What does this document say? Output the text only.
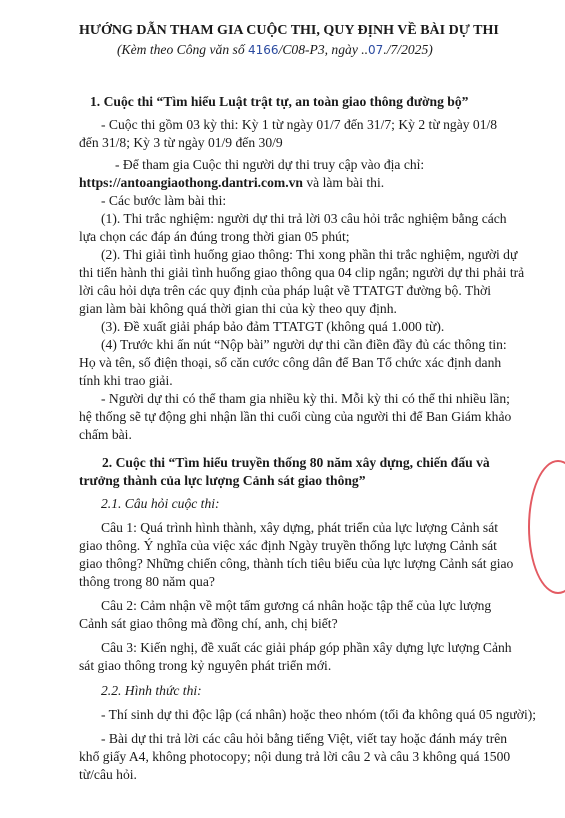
HƯỚNG DẪN THAM GIA CUỘC THI, QUY ĐỊNH VỀ BÀI DỰ THI
(Kèm theo Công văn số 4166/C08-P3, ngày ..07./7/2025)
1. Cuộc thi “Tìm hiểu Luật trật tự, an toàn giao thông đường bộ”
- Cuộc thi gồm 03 kỳ thi: Kỳ 1 từ ngày 01/7 đến 31/7; Kỳ 2 từ ngày 01/8
đến 31/8; Kỳ 3 từ ngày 01/9 đến 30/9
- Để tham gia Cuộc thi người dự thi truy cập vào địa chỉ:
https://antoangiaothong.dantri.com.vn và làm bài thi.
- Các bước làm bài thi:
(1). Thi trắc nghiệm: người dự thi trả lời 03 câu hỏi trắc nghiệm bằng cách
lựa chọn các đáp án đúng trong thời gian 05 phút;
(2). Thi giải tình huống giao thông: Thi xong phần thi trắc nghiệm, người dự
thi tiến hành thi giải tình huống giao thông qua 04 clip ngắn; người dự thi phải trả
lời câu hỏi dựa trên các quy định của pháp luật về TTATGT đường bộ. Thời
gian làm bài không quá thời gian thi của kỳ theo quy định.
(3). Đề xuất giải pháp bảo đảm TTATGT (không quá 1.000 từ).
(4) Trước khi ấn nút “Nộp bài” người dự thi cần điền đầy đủ các thông tin:
Họ và tên, số điện thoại, số căn cước công dân để Ban Tổ chức xác định danh
tính khi trao giải.
- Người dự thi có thể tham gia nhiều kỳ thi. Mỗi kỳ thi có thể thi nhiều lần;
hệ thống sẽ tự động ghi nhận lần thi cuối cùng của người thi để Ban Giám khảo
chấm bài.
2. Cuộc thi “Tìm hiểu truyền thống 80 năm xây dựng, chiến đấu và
trưởng thành của lực lượng Cảnh sát giao thông”
2.1. Câu hỏi cuộc thi:
Câu 1: Quá trình hình thành, xây dựng, phát triển của lực lượng Cảnh sát
giao thông. Ý nghĩa của việc xác định Ngày truyền thống lực lượng Cảnh sát
giao thông? Những chiến công, thành tích tiêu biểu của lực lượng Cảnh sát giao
thông trong 80 năm qua?
Câu 2: Cảm nhận về một tấm gương cá nhân hoặc tập thể của lực lượng
Cảnh sát giao thông mà đồng chí, anh, chị biết?
Câu 3: Kiến nghị, đề xuất các giải pháp góp phần xây dựng lực lượng Cảnh
sát giao thông trong kỷ nguyên phát triển mới.
2.2. Hình thức thi:
- Thí sinh dự thi độc lập (cá nhân) hoặc theo nhóm (tối đa không quá 05 người);
- Bài dự thi trả lời các câu hỏi bằng tiếng Việt, viết tay hoặc đánh máy trên
khổ giấy A4, không photocopy; nội dung trả lời câu 2 và câu 3 không quá 1500
từ/câu hỏi.
